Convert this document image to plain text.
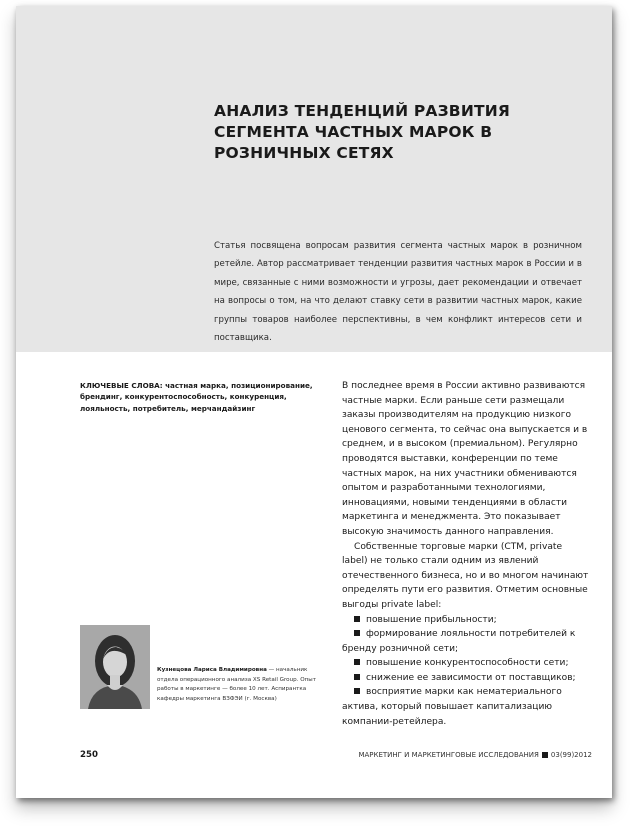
АНАЛИЗ ТЕНДЕНЦИЙ РАЗВИТИЯ СЕГМЕНТА ЧАСТНЫХ МАРОК В РОЗНИЧНЫХ СЕТЯХ

Статья посвящена вопросам развития сегмента частных марок в розничном ретейле. Автор рассматривает тенденции развития частных марок в России и в мире, связанные с ними возможности и угрозы, дает рекомендации и отвечает на вопросы о том, на что делают ставку сети в развитии частных марок, какие группы товаров наиболее перспективны, в чем конфликт интересов сети и поставщика.

КЛЮЧЕВЫЕ СЛОВА: частная марка, позиционирование, брендинг, конкурентоспособность, конкуренция, лояльность, потребитель, мерчандайзинг

В последнее время в России активно развиваются частные марки. Если раньше сети размещали заказы производителям на продукцию низкого ценового сегмента, то сейчас она выпускается и в среднем, и в высоком (премиальном). Регулярно проводятся выставки, конференции по теме частных марок, на них участники обмениваются опытом и разработанными технологиями, инновациями, новыми тенденциями в области маркетинга и менеджмента. Это показывает высокую значимость данного направления.

Собственные торговые марки (СТМ, private label) не только стали одним из явлений отечественного бизнеса, но и во многом начинают определять пути его развития. Отметим основные выгоды private label:

повышение прибыльности;
формирование лояльности потребителей к бренду розничной сети;
повышение конкурентоспособности сети;
снижение ее зависимости от поставщиков;
восприятие марки как нематериального актива, который повышает капитализацию компании-ретейлера.

Кузнецова Лариса Владимировна — начальник отдела операционного анализа XS Retail Group. Опыт работы в маркетинге — более 10 лет. Аспирантка кафедры маркетинга ВЗФЭИ (г. Москва)

250	МАРКЕТИНГ И МАРКЕТИНГОВЫЕ ИССЛЕДОВАНИЯ 03(99)2012
